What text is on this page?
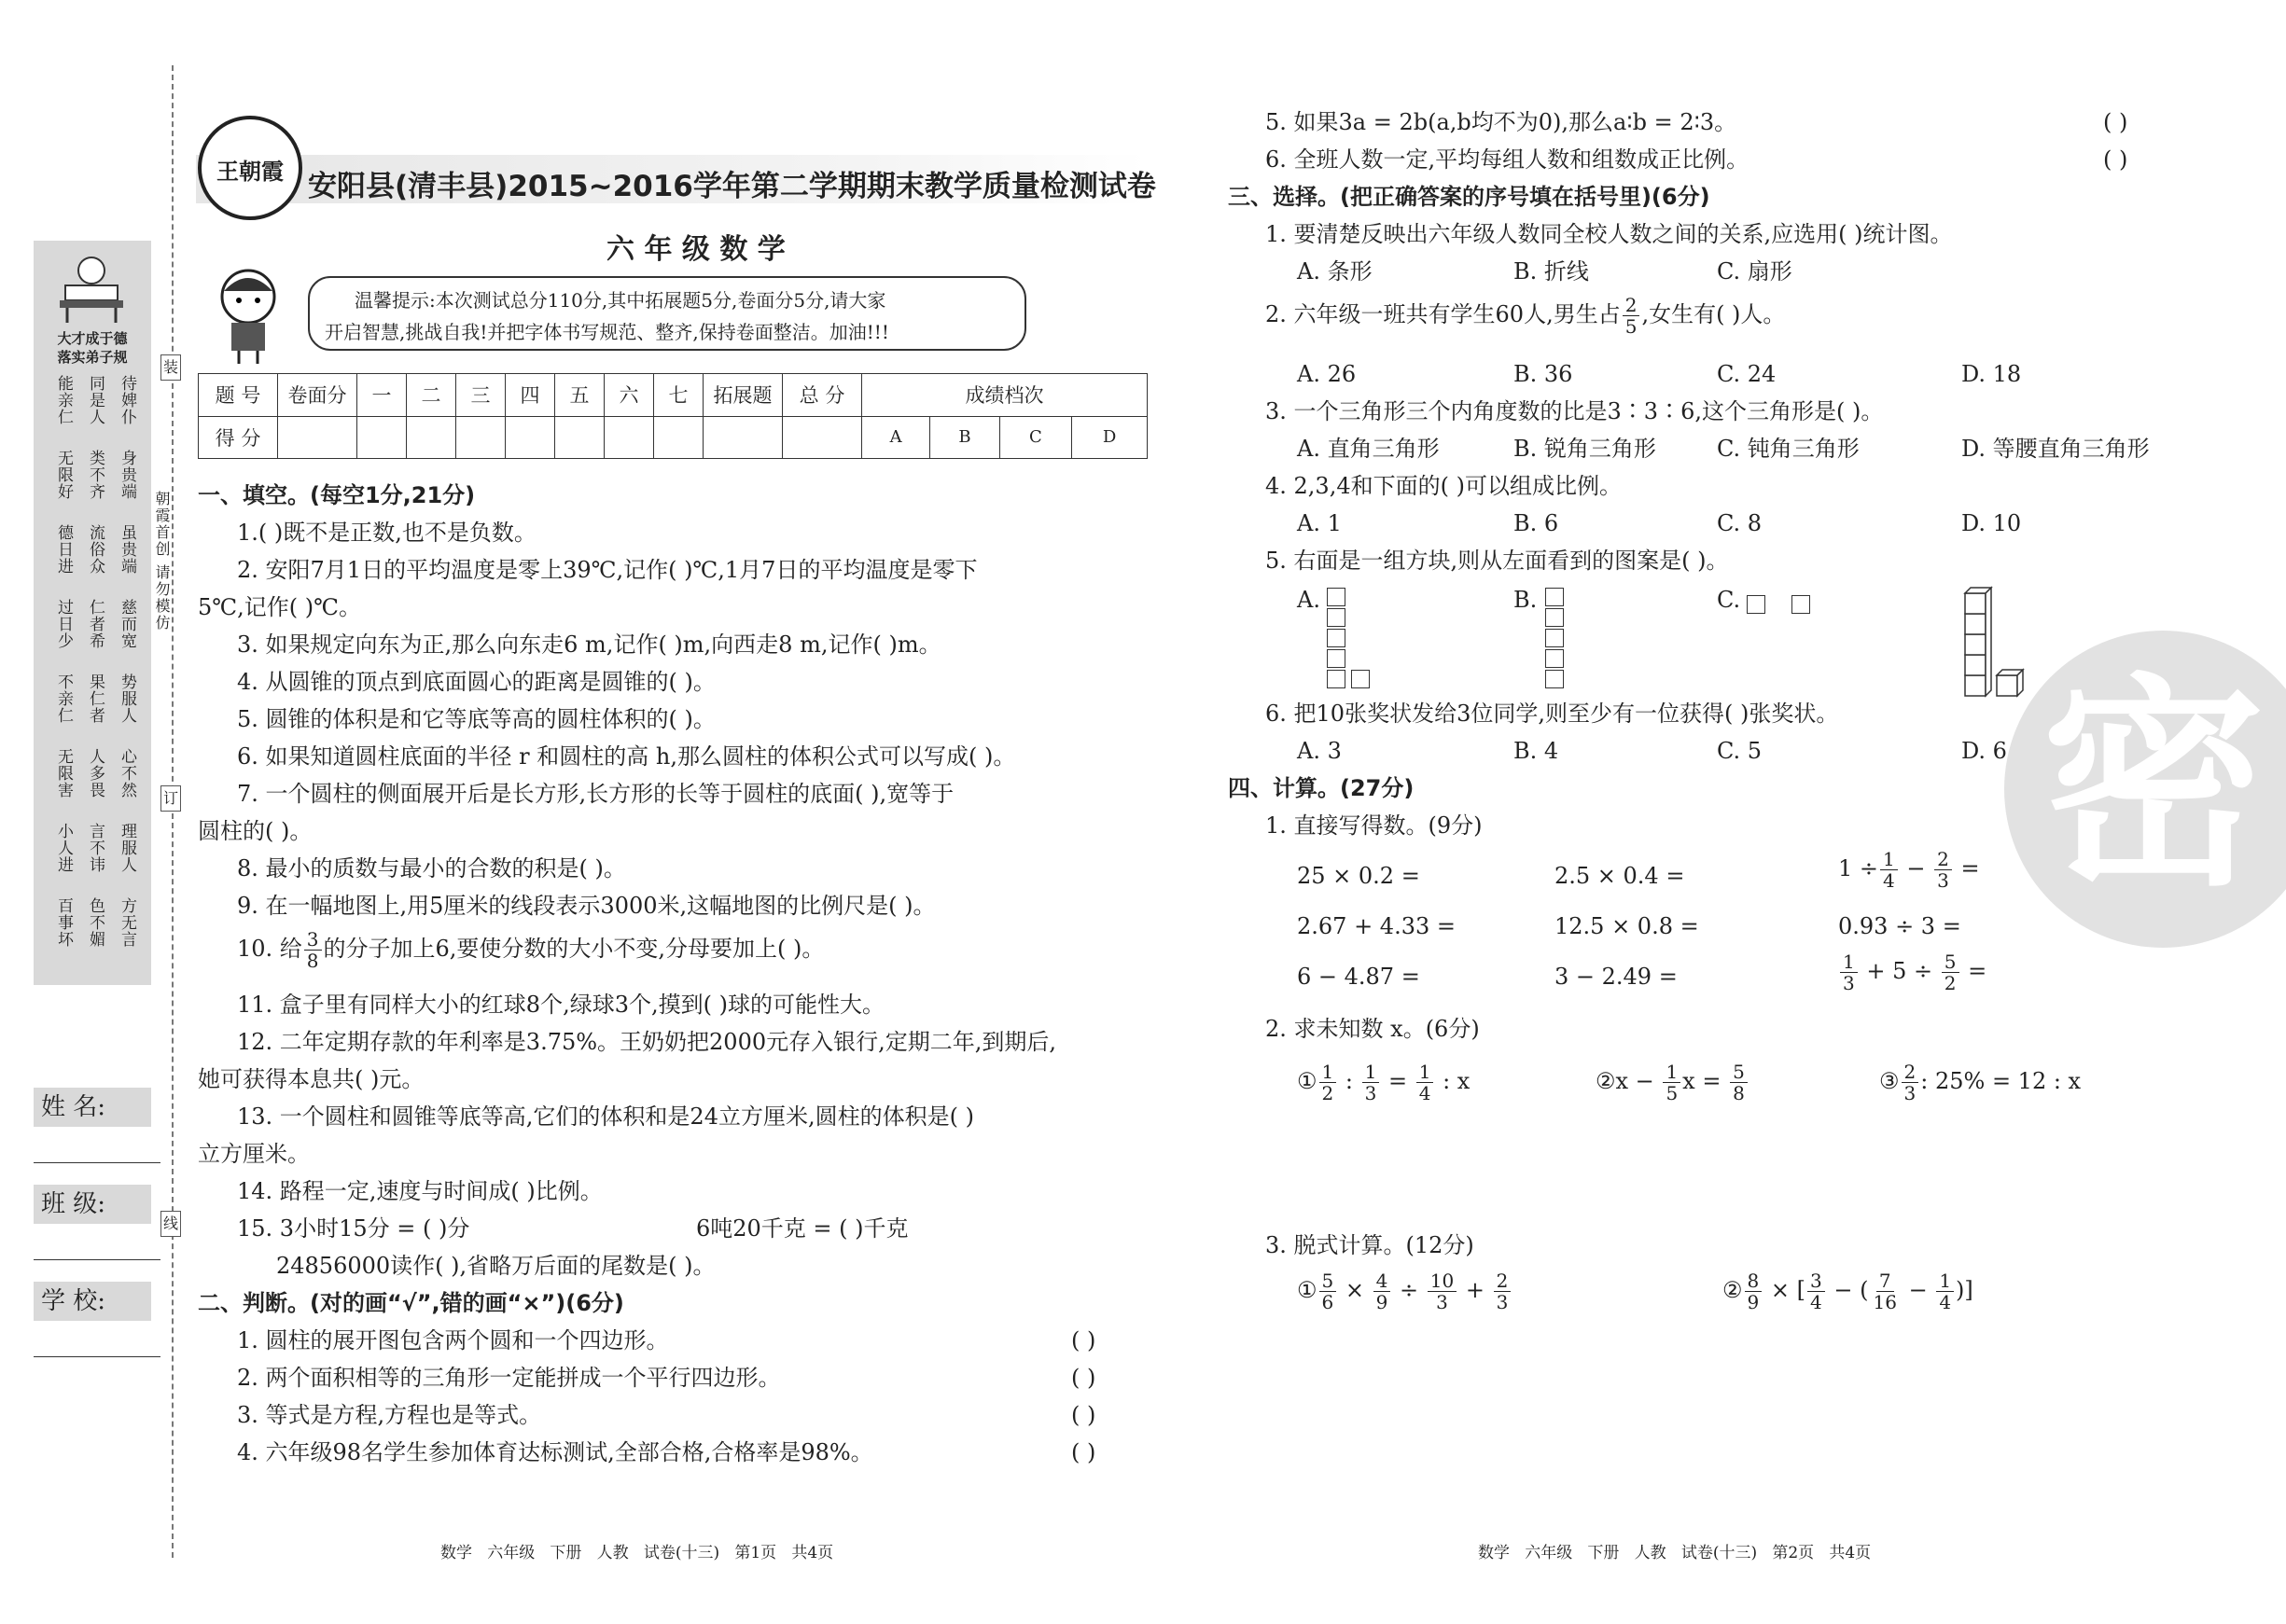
大才成于德
落实弟子规
能亲仁 同是人 待婢仆
无限好 类不齐 身贵端
德日进 流俗众 虽贵端
过日少 仁者希 慈而宽
不亲仁 果仁者 势服人
无限害 人多畏 心不然
小人进 言不讳 理服人
百事坏 色不媚 方无言
朝霞首创 请勿模仿
装
订
线
姓 名:
班 级:
学 校:
王朝霞 安阳县(清丰县)2015~2016学年第二学期期末教学质量检测试卷
六 年 级 数 学
温馨提示:本次测试总分110分,其中拓展题5分,卷面分5分,请大家
开启智慧,挑战自我!并把字体书写规范、整齐,保持卷面整洁。加油!!!
题 号	卷面分	一	二	三	四	五	六	七	拓展题	总 分	成绩档次			
得 分											A	B	C	D
一、填空。(每空1分,21分)
1.( )既不是正数,也不是负数。
2. 安阳7月1日的平均温度是零上39℃,记作( )℃,1月7日的平均温度是零下
5℃,记作( )℃。
3. 如果规定向东为正,那么向东走6 m,记作( )m,向西走8 m,记作( )m。
4. 从圆锥的顶点到底面圆心的距离是圆锥的( )。
5. 圆锥的体积是和它等底等高的圆柱体积的( )。
6. 如果知道圆柱底面的半径 r 和圆柱的高 h,那么圆柱的体积公式可以写成( )。
7. 一个圆柱的侧面展开后是长方形,长方形的长等于圆柱的底面( ),宽等于
圆柱的( )。
8. 最小的质数与最小的合数的积是( )。
9. 在一幅地图上,用5厘米的线段表示3000米,这幅地图的比例尺是( )。
10. 给 $\frac{3}{8}$ 的分子加上6,要使分数的大小不变,分母要加上( )。
11. 盒子里有同样大小的红球8个,绿球3个,摸到( )球的可能性大。
12. 二年定期存款的年利率是3.75%。王奶奶把2000元存入银行,定期二年,到期后,
她可获得本息共( )元。
13. 一个圆柱和圆锥等底等高,它们的体积和是24立方厘米,圆柱的体积是( )
立方厘米。
14. 路程一定,速度与时间成( )比例。
15. 3小时15分 = ( )分	6吨20千克 = ( )千克
24856000读作( ),省略万后面的尾数是( )。
二、判断。(对的画“√”,错的画“×”)(6分)
1. 圆柱的展开图包含两个圆和一个四边形。	( )
2. 两个面积相等的三角形一定能拼成一个平行四边形。	( )
3. 等式是方程,方程也是等式。	( )
4. 六年级98名学生参加体育达标测试,全部合格,合格率是98%。	( )
数学   六年级   下册   人教   试卷(十三)   第1页   共4页
密
5. 如果3a = 2b(a,b均不为0),那么a∶b = 2∶3。	( )
6. 全班人数一定,平均每组人数和组数成正比例。	( )
三、选择。(把正确答案的序号填在括号里)(6分)
1. 要清楚反映出六年级人数同全校人数之间的关系,应选用( )统计图。
A. 条形	B. 折线	C. 扇形
2. 六年级一班共有学生60人,男生占 $\frac{2}{5}$ ,女生有( )人。
A. 26	B. 36	C. 24	D. 18
3. 一个三角形三个内角度数的比是3∶3∶6,这个三角形是( )。
A. 直角三角形	B. 锐角三角形	C. 钝角三角形	D. 等腰直角三角形
4. 2,3,4和下面的( )可以组成比例。
A. 1	B. 6	C. 8	D. 10
5. 右面是一组方块,则从左面看到的图案是( )。
A.	B.	C.
6. 把10张奖状发给3位同学,则至少有一位获得( )张奖状。
A. 3	B. 4	C. 5	D. 6
四、计算。(27分)
1. 直接写得数。(9分)
25 × 0.2 =	2.5 × 0.4 =	$1 \div \frac{1}{4} - \frac{2}{3}$ =
2.67 + 4.33 =	12.5 × 0.8 =	0.93 ÷ 3 =
6 − 4.87 =	3 − 2.49 =	$\frac{1}{3} + 5 \div \frac{5}{2}$ =
2. 求未知数 x。(6分)
① $\frac{1}{2}$ : $\frac{1}{3} = \frac{1}{4}$ : x	②x − $\frac{1}{5}$ $x = \frac{5}{8}$	③ $\frac{2}{3}$ : 25% = 12 : x
3. 脱式计算。(12分)
① $\frac{5}{6} \times \frac{4}{9} \div \frac{10}{3} + \frac{2}{3}$	② $\frac{8}{9}$ × [ $\frac{3}{4}$ − ( $\frac{7}{16} - \frac{1}{4}$ )]
数学   六年级   下册   人教   试卷(十三)   第2页   共4页
